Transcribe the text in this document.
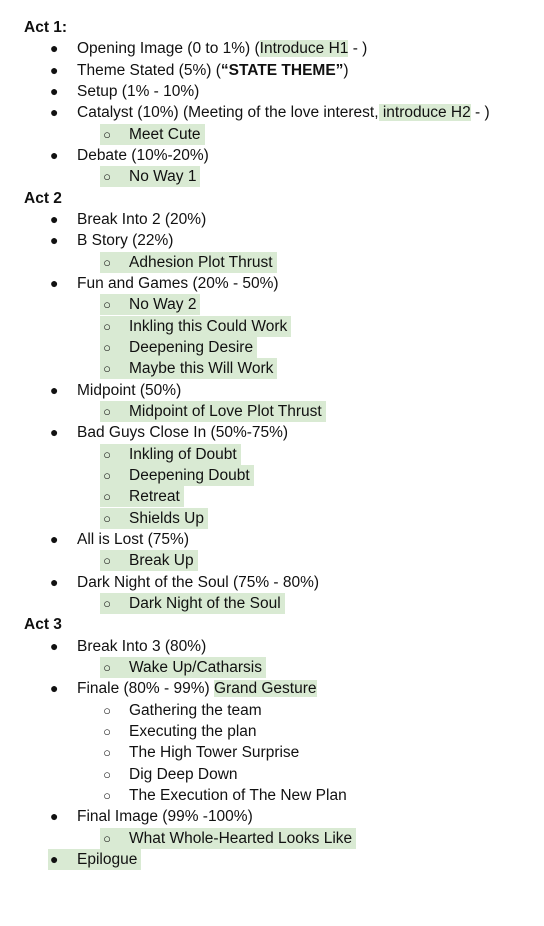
Act 1:
● Opening Image (0 to 1%) (Introduce H1 - )
● Theme Stated (5%) (“STATE THEME”)
● Setup (1% - 10%)
● Catalyst (10%) (Meeting of the love interest, introduce H2 - )
○ Meet Cute
● Debate (10%-20%)
○ No Way 1
Act 2
● Break Into 2 (20%)
● B Story (22%)
○ Adhesion Plot Thrust
● Fun and Games (20% - 50%)
○ No Way 2
○ Inkling this Could Work
○ Deepening Desire
○ Maybe this Will Work
● Midpoint (50%)
○ Midpoint of Love Plot Thrust
● Bad Guys Close In (50%-75%)
○ Inkling of Doubt
○ Deepening Doubt
○ Retreat
○ Shields Up
● All is Lost (75%)
○ Break Up
● Dark Night of the Soul (75% - 80%)
○ Dark Night of the Soul
Act 3
● Break Into 3 (80%)
○ Wake Up/Catharsis
● Finale (80% - 99%) Grand Gesture
○ Gathering the team
○ Executing the plan
○ The High Tower Surprise
○ Dig Deep Down
○ The Execution of The New Plan
● Final Image (99% -100%)
○ What Whole-Hearted Looks Like
● Epilogue
